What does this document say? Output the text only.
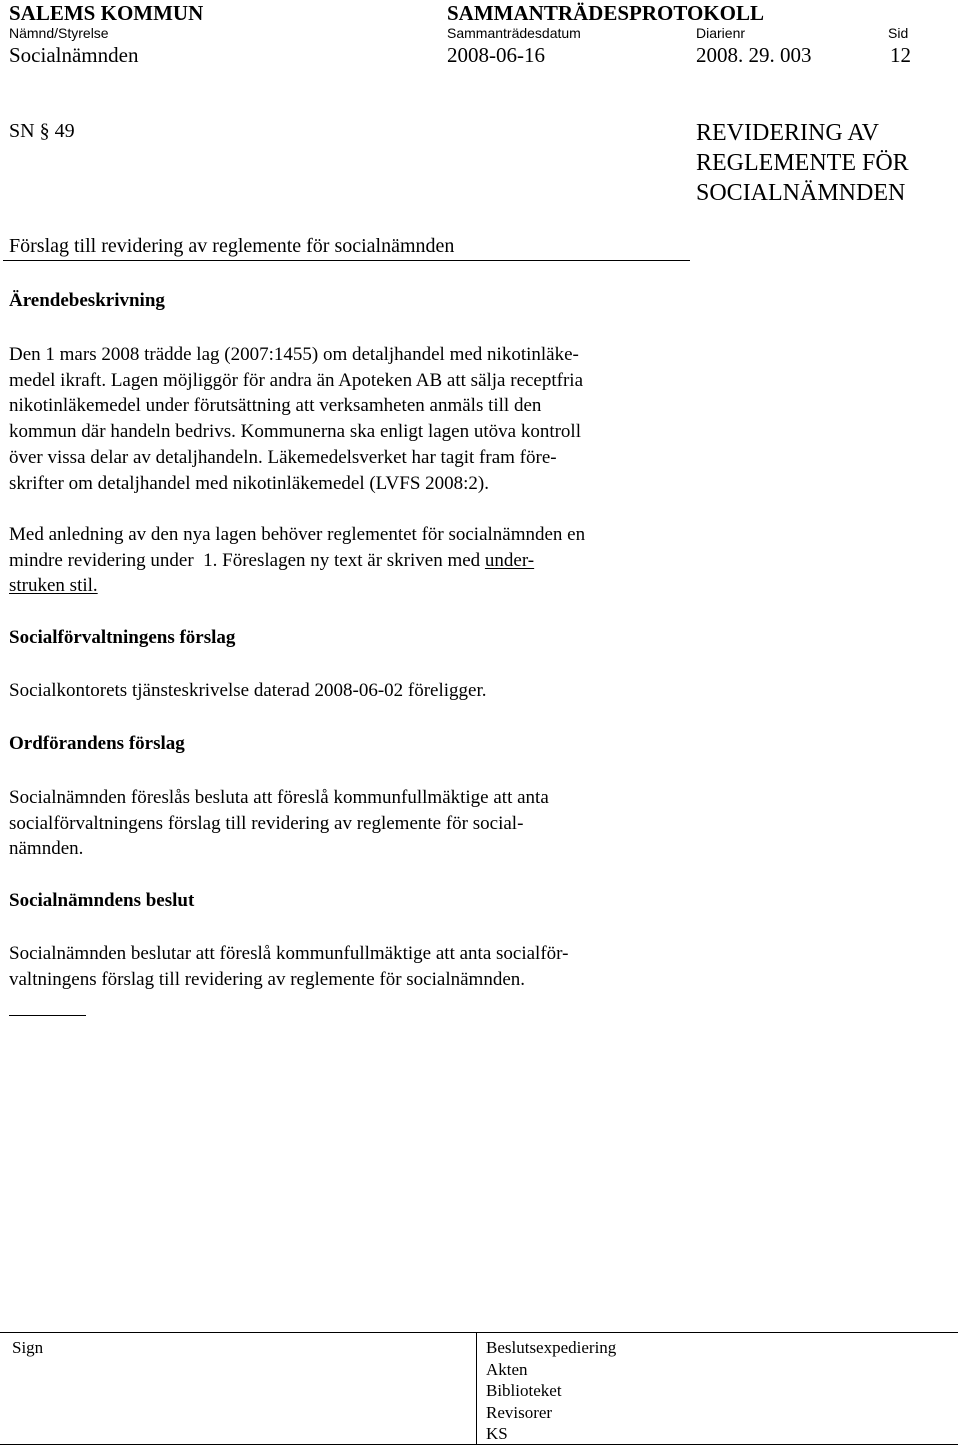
SALEMS KOMMUN	SAMMANTRÄDESPROTOKOLL
Nämnd/Styrelse	Sammanträdesdatum	Diarienr	Sid
Socialnämnden	2008-06-16	2008. 29. 003	12
SN § 49	REVIDERING AV
REGLEMENTE FÖR
SOCIALNÄMNDEN
Förslag till revidering av reglemente för socialnämnden
Ärendebeskrivning
Den 1 mars 2008 trädde lag (2007:1455) om detaljhandel med nikotinläke-
medel ikraft. Lagen möjliggör för andra än Apoteken AB att sälja receptfria
nikotinläkemedel under förutsättning att verksamheten anmäls till den
kommun där handeln bedrivs. Kommunerna ska enligt lagen utöva kontroll
över vissa delar av detaljhandeln. Läkemedelsverket har tagit fram före-
skrifter om detaljhandel med nikotinläkemedel (LVFS 2008:2).
Med anledning av den nya lagen behöver reglementet för socialnämnden en
mindre revidering under  1. Föreslagen ny text är skriven med under-
struken stil.
Socialförvaltningens förslag
Socialkontorets tjänsteskrivelse daterad 2008-06-02 föreligger.
Ordförandens förslag
Socialnämnden föreslås besluta att föreslå kommunfullmäktige att anta
socialförvaltningens förslag till revidering av reglemente för social-
nämnden.
Socialnämndens beslut
Socialnämnden beslutar att föreslå kommunfullmäktige att anta socialför-
valtningens förslag till revidering av reglemente för socialnämnden.
Sign	Beslutsexpediering
Akten
Biblioteket
Revisorer
KS
